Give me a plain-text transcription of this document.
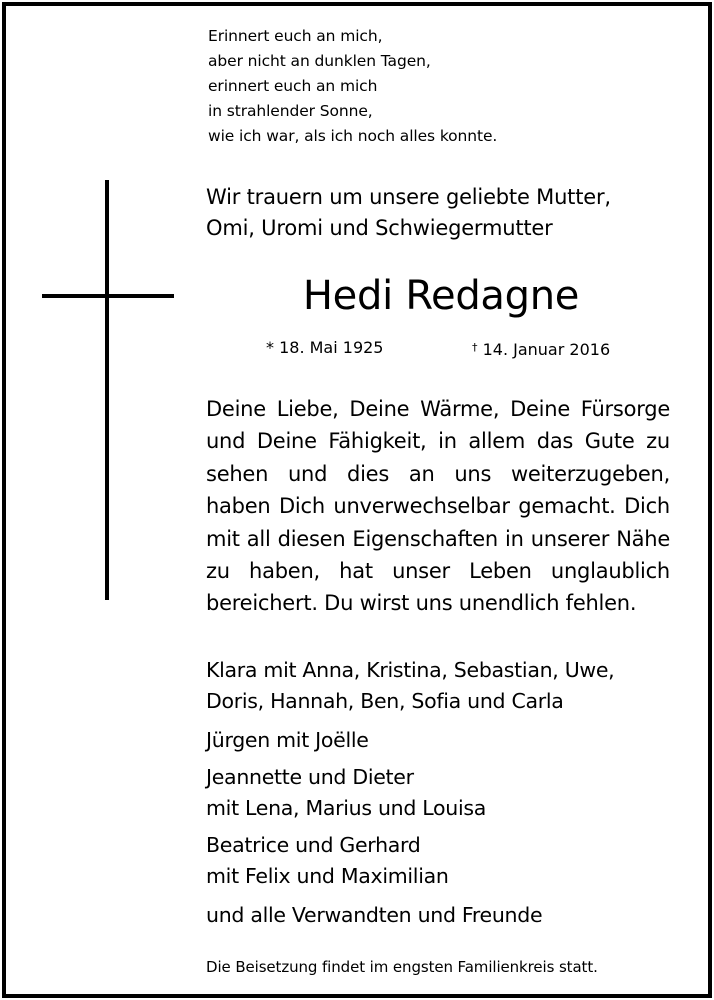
Erinnert euch an mich,
aber nicht an dunklen Tagen,
erinnert euch an mich
in strahlender Sonne,
wie ich war, als ich noch alles konnte.
Wir trauern um unsere geliebte Mutter,
Omi, Uromi und Schwiegermutter
Hedi Redagne
* 18. Mai 1925	† 14. Januar 2016
Deine Liebe, Deine Wärme, Deine Fürsorge und Deine Fähigkeit, in allem das Gute zu sehen und dies an uns weiterzugeben, haben Dich unverwechselbar gemacht. Dich mit all diesen Eigenschaften in unserer Nähe zu haben, hat unser Leben unglaublich bereichert. Du wirst uns unendlich fehlen.
Klara mit Anna, Kristina, Sebastian, Uwe,
Doris, Hannah, Ben, Sofia und Carla
Jürgen mit Joëlle
Jeannette und Dieter
mit Lena, Marius und Louisa
Beatrice und Gerhard
mit Felix und Maximilian
und alle Verwandten und Freunde
Die Beisetzung findet im engsten Familienkreis statt.
